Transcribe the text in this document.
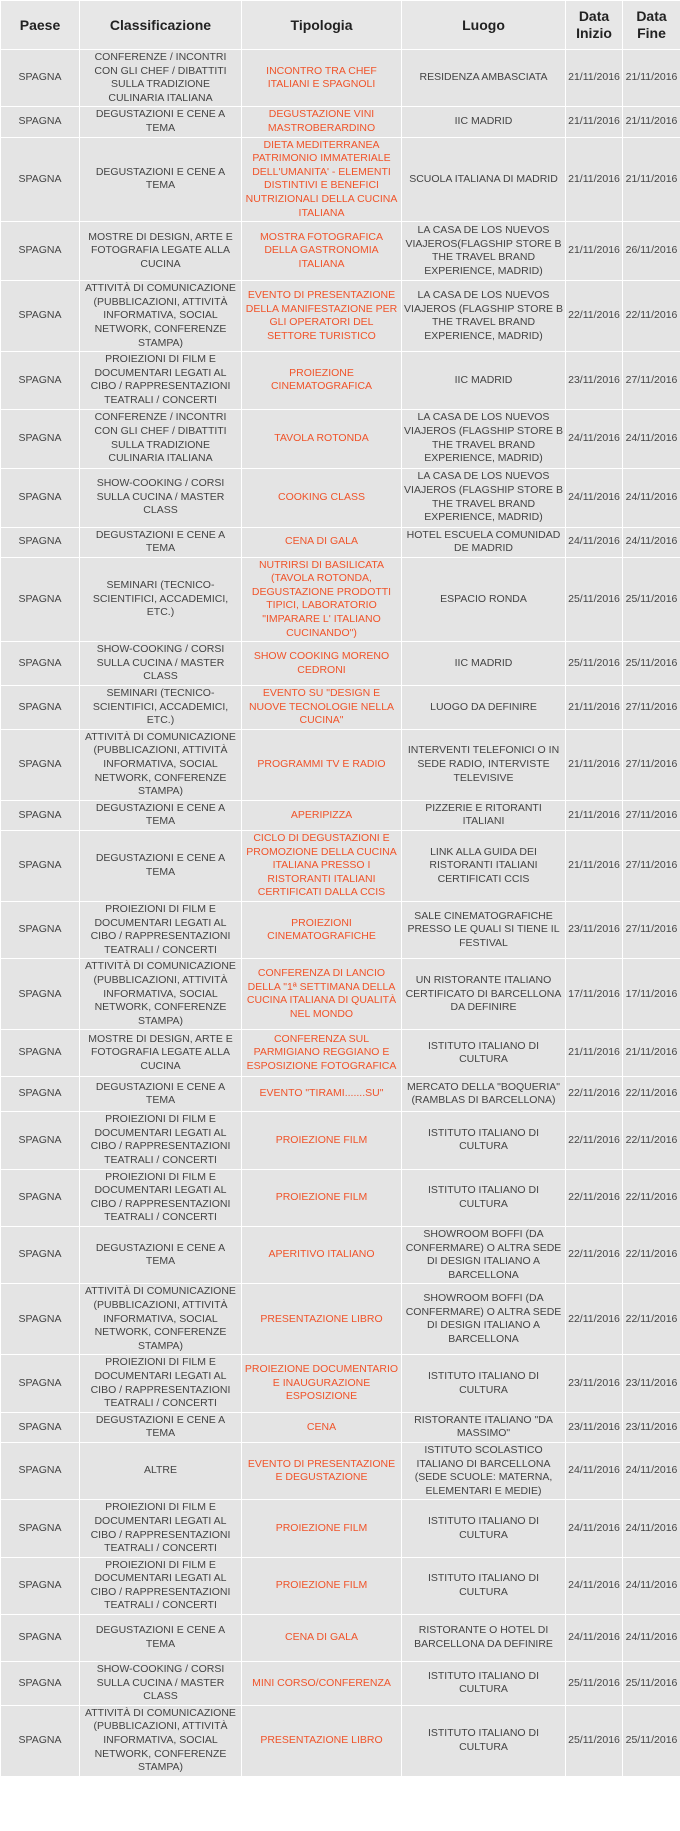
Paese	Classificazione	Tipologia	Luogo	Data Inizio	Data Fine
SPAGNA	CONFERENZE / INCONTRI CON GLI CHEF / DIBATTITI SULLA TRADIZIONE CULINARIA ITALIANA	INCONTRO TRA CHEF ITALIANI E SPAGNOLI	RESIDENZA AMBASCIATA	21/11/2016	21/11/2016
SPAGNA	DEGUSTAZIONI E CENE A TEMA	DEGUSTAZIONE VINI MASTROBERARDINO	IIC MADRID	21/11/2016	21/11/2016
SPAGNA	DEGUSTAZIONI E CENE A TEMA	DIETA MEDITERRANEA PATRIMONIO IMMATERIALE DELL'UMANITA' - ELEMENTI DISTINTIVI E BENEFICI NUTRIZIONALI DELLA CUCINA ITALIANA	SCUOLA ITALIANA DI MADRID	21/11/2016	21/11/2016
SPAGNA	MOSTRE DI DESIGN, ARTE E FOTOGRAFIA LEGATE ALLA CUCINA	MOSTRA FOTOGRAFICA DELLA GASTRONOMIA ITALIANA	LA CASA DE LOS NUEVOS VIAJEROS(FLAGSHIP STORE B THE TRAVEL BRAND EXPERIENCE, MADRID)	21/11/2016	26/11/2016
SPAGNA	ATTIVITÀ DI COMUNICAZIONE (PUBBLICAZIONI, ATTIVITÀ INFORMATIVA, SOCIAL NETWORK, CONFERENZE STAMPA)	EVENTO DI PRESENTAZIONE DELLA MANIFESTAZIONE PER GLI OPERATORI DEL SETTORE TURISTICO	LA CASA DE LOS NUEVOS VIAJEROS (FLAGSHIP STORE B THE TRAVEL BRAND EXPERIENCE, MADRID)	22/11/2016	22/11/2016
SPAGNA	PROIEZIONI DI FILM E DOCUMENTARI LEGATI AL CIBO / RAPPRESENTAZIONI TEATRALI / CONCERTI	PROIEZIONE CINEMATOGRAFICA	IIC MADRID	23/11/2016	27/11/2016
SPAGNA	CONFERENZE / INCONTRI CON GLI CHEF / DIBATTITI SULLA TRADIZIONE CULINARIA ITALIANA	TAVOLA ROTONDA	LA CASA DE LOS NUEVOS VIAJEROS (FLAGSHIP STORE B THE TRAVEL BRAND EXPERIENCE, MADRID)	24/11/2016	24/11/2016
SPAGNA	SHOW-COOKING / CORSI SULLA CUCINA / MASTER CLASS	COOKING CLASS	LA CASA DE LOS NUEVOS VIAJEROS (FLAGSHIP STORE B THE TRAVEL BRAND EXPERIENCE, MADRID)	24/11/2016	24/11/2016
SPAGNA	DEGUSTAZIONI E CENE A TEMA	CENA DI GALA	HOTEL ESCUELA COMUNIDAD DE MADRID	24/11/2016	24/11/2016
SPAGNA	SEMINARI (TECNICO-SCIENTIFICI, ACCADEMICI, ETC.)	NUTRIRSI DI BASILICATA (TAVOLA ROTONDA, DEGUSTAZIONE PRODOTTI TIPICI, LABORATORIO "IMPARARE L' ITALIANO CUCINANDO")	ESPACIO RONDA	25/11/2016	25/11/2016
SPAGNA	SHOW-COOKING / CORSI SULLA CUCINA / MASTER CLASS	SHOW COOKING MORENO CEDRONI	IIC MADRID	25/11/2016	25/11/2016
SPAGNA	SEMINARI (TECNICO-SCIENTIFICI, ACCADEMICI, ETC.)	EVENTO SU "DESIGN E NUOVE TECNOLOGIE NELLA CUCINA"	LUOGO DA DEFINIRE	21/11/2016	27/11/2016
SPAGNA	ATTIVITÀ DI COMUNICAZIONE (PUBBLICAZIONI, ATTIVITÀ INFORMATIVA, SOCIAL NETWORK, CONFERENZE STAMPA)	PROGRAMMI TV E RADIO	INTERVENTI TELEFONICI O IN SEDE RADIO, INTERVISTE TELEVISIVE	21/11/2016	27/11/2016
SPAGNA	DEGUSTAZIONI E CENE A TEMA	APERIPIZZA	PIZZERIE E RITORANTI ITALIANI	21/11/2016	27/11/2016
SPAGNA	DEGUSTAZIONI E CENE A TEMA	CICLO DI DEGUSTAZIONI E PROMOZIONE DELLA CUCINA ITALIANA PRESSO I RISTORANTI ITALIANI CERTIFICATI DALLA CCIS	LINK ALLA GUIDA DEI RISTORANTI ITALIANI CERTIFICATI CCIS	21/11/2016	27/11/2016
SPAGNA	PROIEZIONI DI FILM E DOCUMENTARI LEGATI AL CIBO / RAPPRESENTAZIONI TEATRALI / CONCERTI	PROIEZIONI CINEMATOGRAFICHE	SALE CINEMATOGRAFICHE PRESSO LE QUALI SI TIENE IL FESTIVAL	23/11/2016	27/11/2016
SPAGNA	ATTIVITÀ DI COMUNICAZIONE (PUBBLICAZIONI, ATTIVITÀ INFORMATIVA, SOCIAL NETWORK, CONFERENZE STAMPA)	CONFERENZA DI LANCIO DELLA "1ª SETTIMANA DELLA CUCINA ITALIANA DI QUALITÀ NEL MONDO	UN RISTORANTE ITALIANO CERTIFICATO DI BARCELLONA DA DEFINIRE	17/11/2016	17/11/2016
SPAGNA	MOSTRE DI DESIGN, ARTE E FOTOGRAFIA LEGATE ALLA CUCINA	CONFERENZA SUL PARMIGIANO REGGIANO E ESPOSIZIONE FOTOGRAFICA	ISTITUTO ITALIANO DI CULTURA	21/11/2016	21/11/2016
SPAGNA	DEGUSTAZIONI E CENE A TEMA	EVENTO "TIRAMI.......SU"	MERCATO DELLA "BOQUERIA" (RAMBLAS DI BARCELLONA)	22/11/2016	22/11/2016
SPAGNA	PROIEZIONI DI FILM E DOCUMENTARI LEGATI AL CIBO / RAPPRESENTAZIONI TEATRALI / CONCERTI	PROIEZIONE FILM	ISTITUTO ITALIANO DI CULTURA	22/11/2016	22/11/2016
SPAGNA	PROIEZIONI DI FILM E DOCUMENTARI LEGATI AL CIBO / RAPPRESENTAZIONI TEATRALI / CONCERTI	PROIEZIONE FILM	ISTITUTO ITALIANO DI CULTURA	22/11/2016	22/11/2016
SPAGNA	DEGUSTAZIONI E CENE A TEMA	APERITIVO ITALIANO	SHOWROOM BOFFI (DA CONFERMARE) O ALTRA SEDE DI DESIGN ITALIANO A BARCELLONA	22/11/2016	22/11/2016
SPAGNA	ATTIVITÀ DI COMUNICAZIONE (PUBBLICAZIONI, ATTIVITÀ INFORMATIVA, SOCIAL NETWORK, CONFERENZE STAMPA)	PRESENTAZIONE LIBRO	SHOWROOM BOFFI (DA CONFERMARE) O ALTRA SEDE DI DESIGN ITALIANO A BARCELLONA	22/11/2016	22/11/2016
SPAGNA	PROIEZIONI DI FILM E DOCUMENTARI LEGATI AL CIBO / RAPPRESENTAZIONI TEATRALI / CONCERTI	PROIEZIONE DOCUMENTARIO E INAUGURAZIONE ESPOSIZIONE	ISTITUTO ITALIANO DI CULTURA	23/11/2016	23/11/2016
SPAGNA	DEGUSTAZIONI E CENE A TEMA	CENA	RISTORANTE ITALIANO "DA MASSIMO"	23/11/2016	23/11/2016
SPAGNA	ALTRE	EVENTO DI PRESENTAZIONE E DEGUSTAZIONE	ISTITUTO SCOLASTICO ITALIANO DI BARCELLONA (SEDE SCUOLE: MATERNA, ELEMENTARI E MEDIE)	24/11/2016	24/11/2016
SPAGNA	PROIEZIONI DI FILM E DOCUMENTARI LEGATI AL CIBO / RAPPRESENTAZIONI TEATRALI / CONCERTI	PROIEZIONE FILM	ISTITUTO ITALIANO DI CULTURA	24/11/2016	24/11/2016
SPAGNA	PROIEZIONI DI FILM E DOCUMENTARI LEGATI AL CIBO / RAPPRESENTAZIONI TEATRALI / CONCERTI	PROIEZIONE FILM	ISTITUTO ITALIANO DI CULTURA	24/11/2016	24/11/2016
SPAGNA	DEGUSTAZIONI E CENE A TEMA	CENA DI GALA	RISTORANTE O HOTEL DI BARCELLONA DA DEFINIRE	24/11/2016	24/11/2016
SPAGNA	SHOW-COOKING / CORSI SULLA CUCINA / MASTER CLASS	MINI CORSO/CONFERENZA	ISTITUTO ITALIANO DI CULTURA	25/11/2016	25/11/2016
SPAGNA	ATTIVITÀ DI COMUNICAZIONE (PUBBLICAZIONI, ATTIVITÀ INFORMATIVA, SOCIAL NETWORK, CONFERENZE STAMPA)	PRESENTAZIONE LIBRO	ISTITUTO ITALIANO DI CULTURA	25/11/2016	25/11/2016
